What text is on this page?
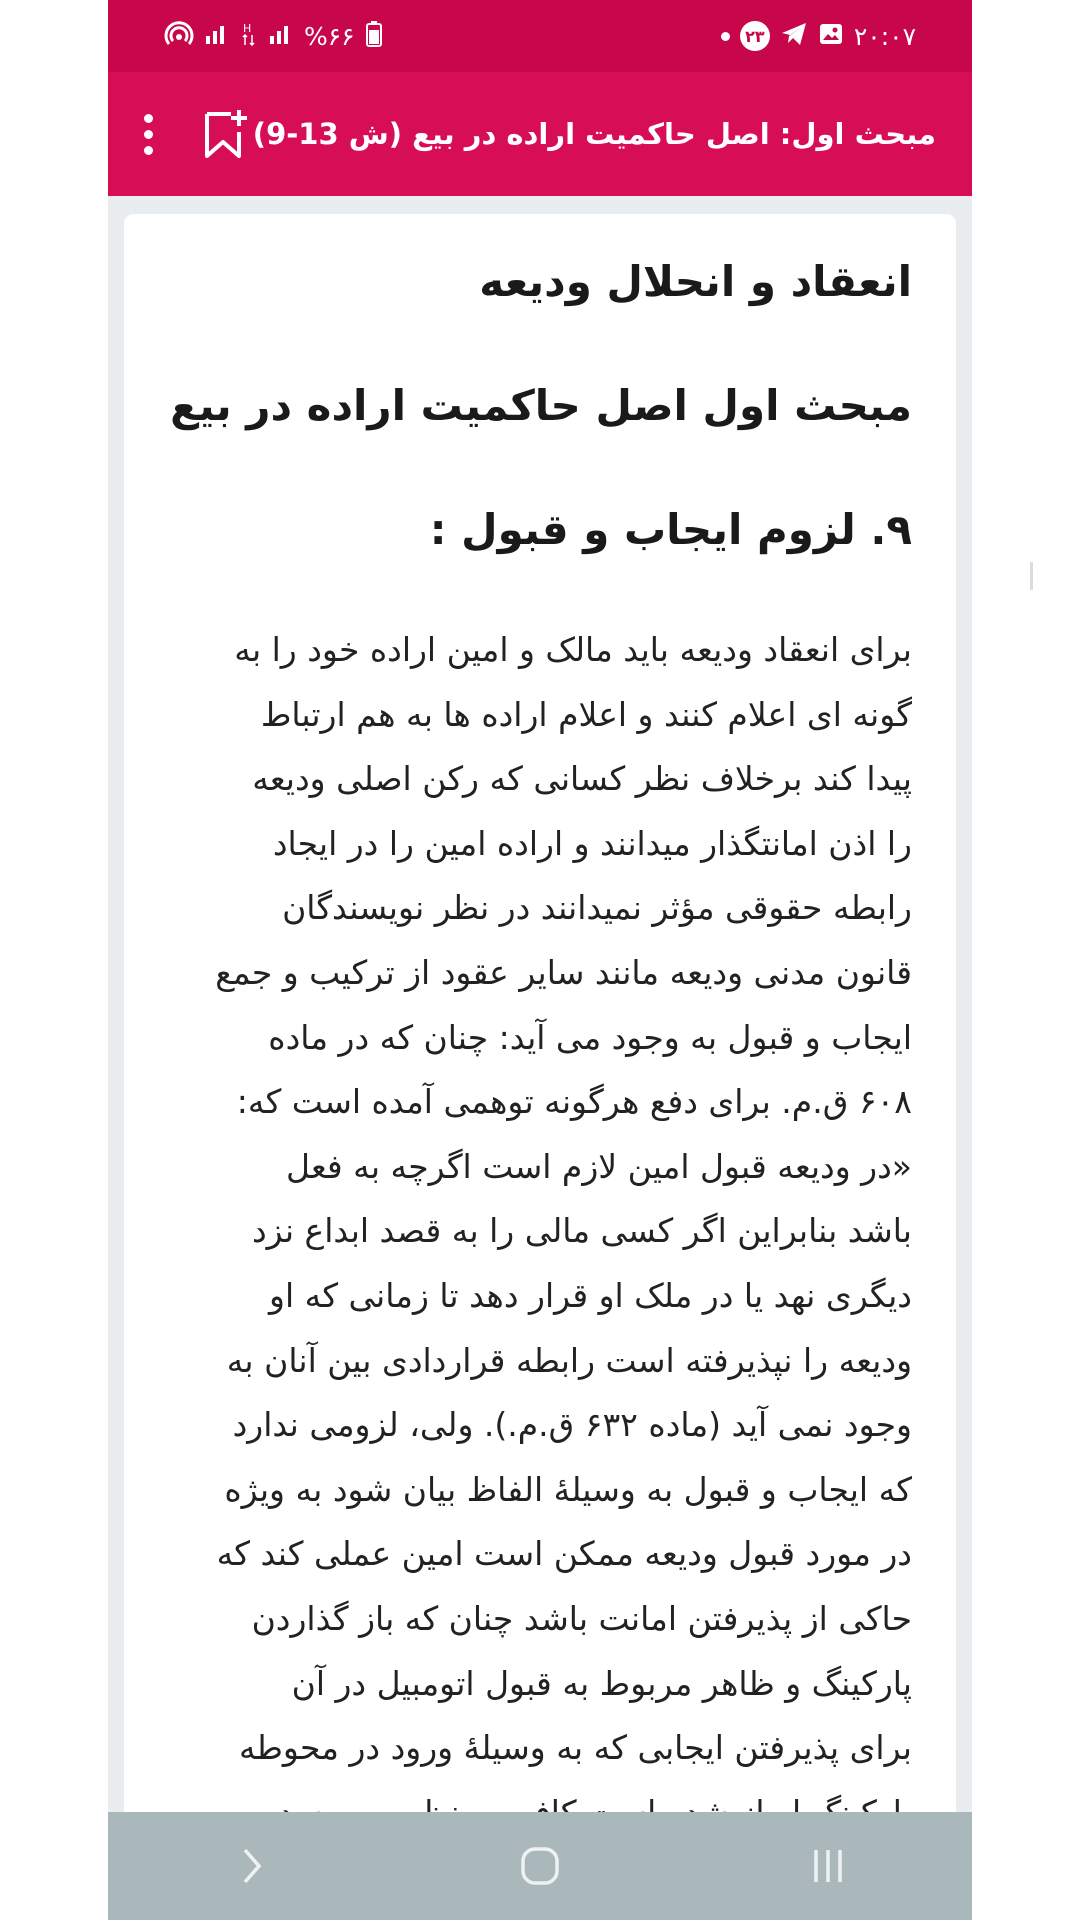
H %۶۶	۲۳	۲۰:۰۷
مبحث اول: اصل حاکمیت اراده در بیع (ش 13-9)
انعقاد و انحلال ودیعه
مبحث اول اصل حاکمیت اراده در بیع
۹. لزوم ایجاب و قبول :

برای انعقاد ودیعه باید مالک و امین اراده خود را به
گونه ای اعلام کنند و اعلام اراده ها به هم ارتباط
پیدا کند برخلاف نظر کسانی که رکن اصلی ودیعه
را اذن امانتگذار میدانند و اراده امین را در ایجاد
رابطه حقوقی مؤثر نمیدانند در نظر نویسندگان
قانون مدنی ودیعه مانند سایر عقود از ترکیب و جمع
ایجاب و قبول به وجود می آید: چنان که در ماده
۶۰۸ ق.م. برای دفع هرگونه توهمی آمده است که:
«در ودیعه قبول امین لازم است اگرچه به فعل
باشد بنابراین اگر کسی مالی را به قصد ابداع نزد
دیگری نهد یا در ملک او قرار دهد تا زمانی که او
ودیعه را نپذیرفته است رابطه قراردادی بین آنان به
وجود نمی آید (ماده ۶۳۲ ق.م.). ولی، لزومی ندارد
که ایجاب و قبول به وسیلهٔ الفاظ بیان شود به ویژه
در مورد قبول ودیعه ممکن است امین عملی کند که
حاکی از پذیرفتن امانت باشد چنان که باز گذاردن
پارکینگ و ظاهر مربوط به قبول اتومبیل در آن
برای پذیرفتن ایجابی که به وسیلهٔ ورود در محوطه
